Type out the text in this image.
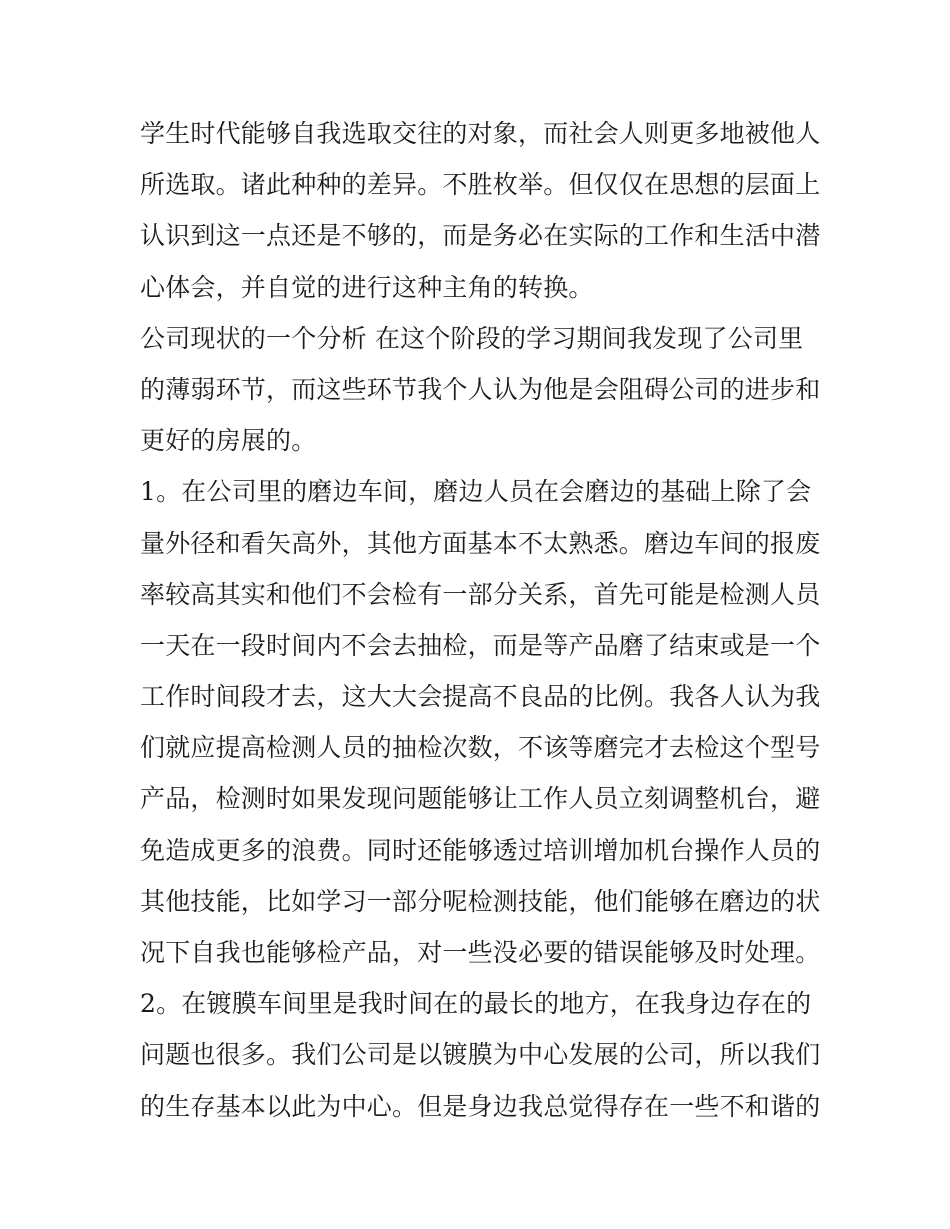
学生时代能够自我选取交往的对象，而社会人则更多地被他人
所选取。诸此种种的差异。不胜枚举。但仅仅在思想的层面上
认识到这一点还是不够的，而是务必在实际的工作和生活中潜
心体会，并自觉的进行这种主角的转换。
公司现状的一个分析 在这个阶段的学习期间我发现了公司里
的薄弱环节，而这些环节我个人认为他是会阻碍公司的进步和
更好的房展的。
1。在公司里的磨边车间，磨边人员在会磨边的基础上除了会
量外径和看矢高外，其他方面基本不太熟悉。磨边车间的报废
率较高其实和他们不会检有一部分关系，首先可能是检测人员
一天在一段时间内不会去抽检，而是等产品磨了结束或是一个
工作时间段才去，这大大会提高不良品的比例。我各人认为我
们就应提高检测人员的抽检次数，不该等磨完才去检这个型号
产品，检测时如果发现问题能够让工作人员立刻调整机台，避
免造成更多的浪费。同时还能够透过培训增加机台操作人员的
其他技能，比如学习一部分呢检测技能，他们能够在磨边的状
况下自我也能够检产品，对一些没必要的错误能够及时处理。
2。在镀膜车间里是我时间在的最长的地方，在我身边存在的
问题也很多。我们公司是以镀膜为中心发展的公司，所以我们
的生存基本以此为中心。但是身边我总觉得存在一些不和谐的
